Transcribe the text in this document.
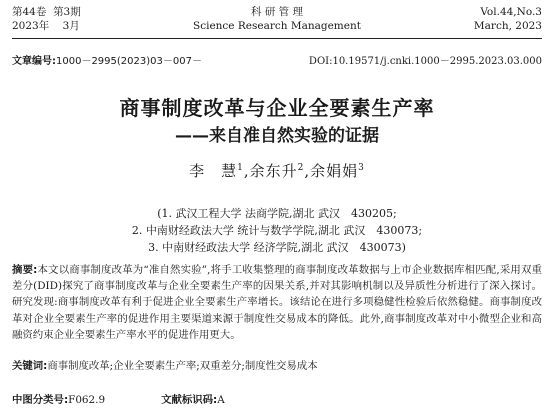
第44卷 第3期
2023年 3月
科 研 管 理
Science Research Management
Vol.44,No.3
March, 2023
文章编号:1000－2995(2023)03－007－	DOI:10.19571/j.cnki.1000－2995.2023.03.000
商事制度改革与企业全要素生产率
——来自准自然实验的证据
李　慧$^1$,余东升$^2$,余娟娟$^3$
(1. 武汉工程大学 法商学院,湖北 武汉　430205;
2. 中南财经政法大学 统计与数学学院,湖北 武汉　430073;
3. 中南财经政法大学 经济学院,湖北 武汉　430073)
摘要:本文以商事制度改革为“准自然实验”,将手工收集整理的商事制度改革数据与上市企业数据库相匹配,采用双重差分(DID)探究了商事制度改革与企业全要素生产率的因果关系,并对其影响机制以及异质性分析进行了深入探讨。研究发现:商事制度改革有利于促进企业全要素生产率增长。该结论在进行多项稳健性检验后依然稳健。商事制度改革对企业全要素生产率的促进作用主要渠道来源于制度性交易成本的降低。此外,商事制度改革对中小微型企业和高融资约束企业全要素生产率水平的促进作用更大。
关键词:商事制度改革;企业全要素生产率;双重差分;制度性交易成本
中图分类号:F062.9	文献标识码:A
